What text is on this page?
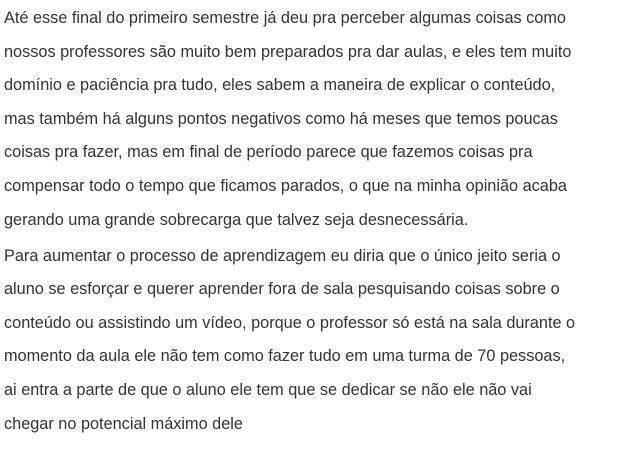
Até esse final do primeiro semestre já deu pra perceber algumas coisas como
nossos professores são muito bem preparados pra dar aulas, e eles tem muito
domínio e paciência pra tudo, eles sabem a maneira de explicar o conteúdo,
mas também há alguns pontos negativos como há meses que temos poucas
coisas pra fazer, mas em final de período parece que fazemos coisas pra
compensar todo o tempo que ficamos parados, o que na minha opinião acaba
gerando uma grande sobrecarga que talvez seja desnecessária.
Para aumentar o processo de aprendizagem eu diria que o único jeito seria o
aluno se esforçar e querer aprender fora de sala pesquisando coisas sobre o
conteúdo ou assistindo um vídeo, porque o professor só está na sala durante o
momento da aula ele não tem como fazer tudo em uma turma de 70 pessoas,
ai entra a parte de que o aluno ele tem que se dedicar se não ele não vai
chegar no potencial máximo dele
